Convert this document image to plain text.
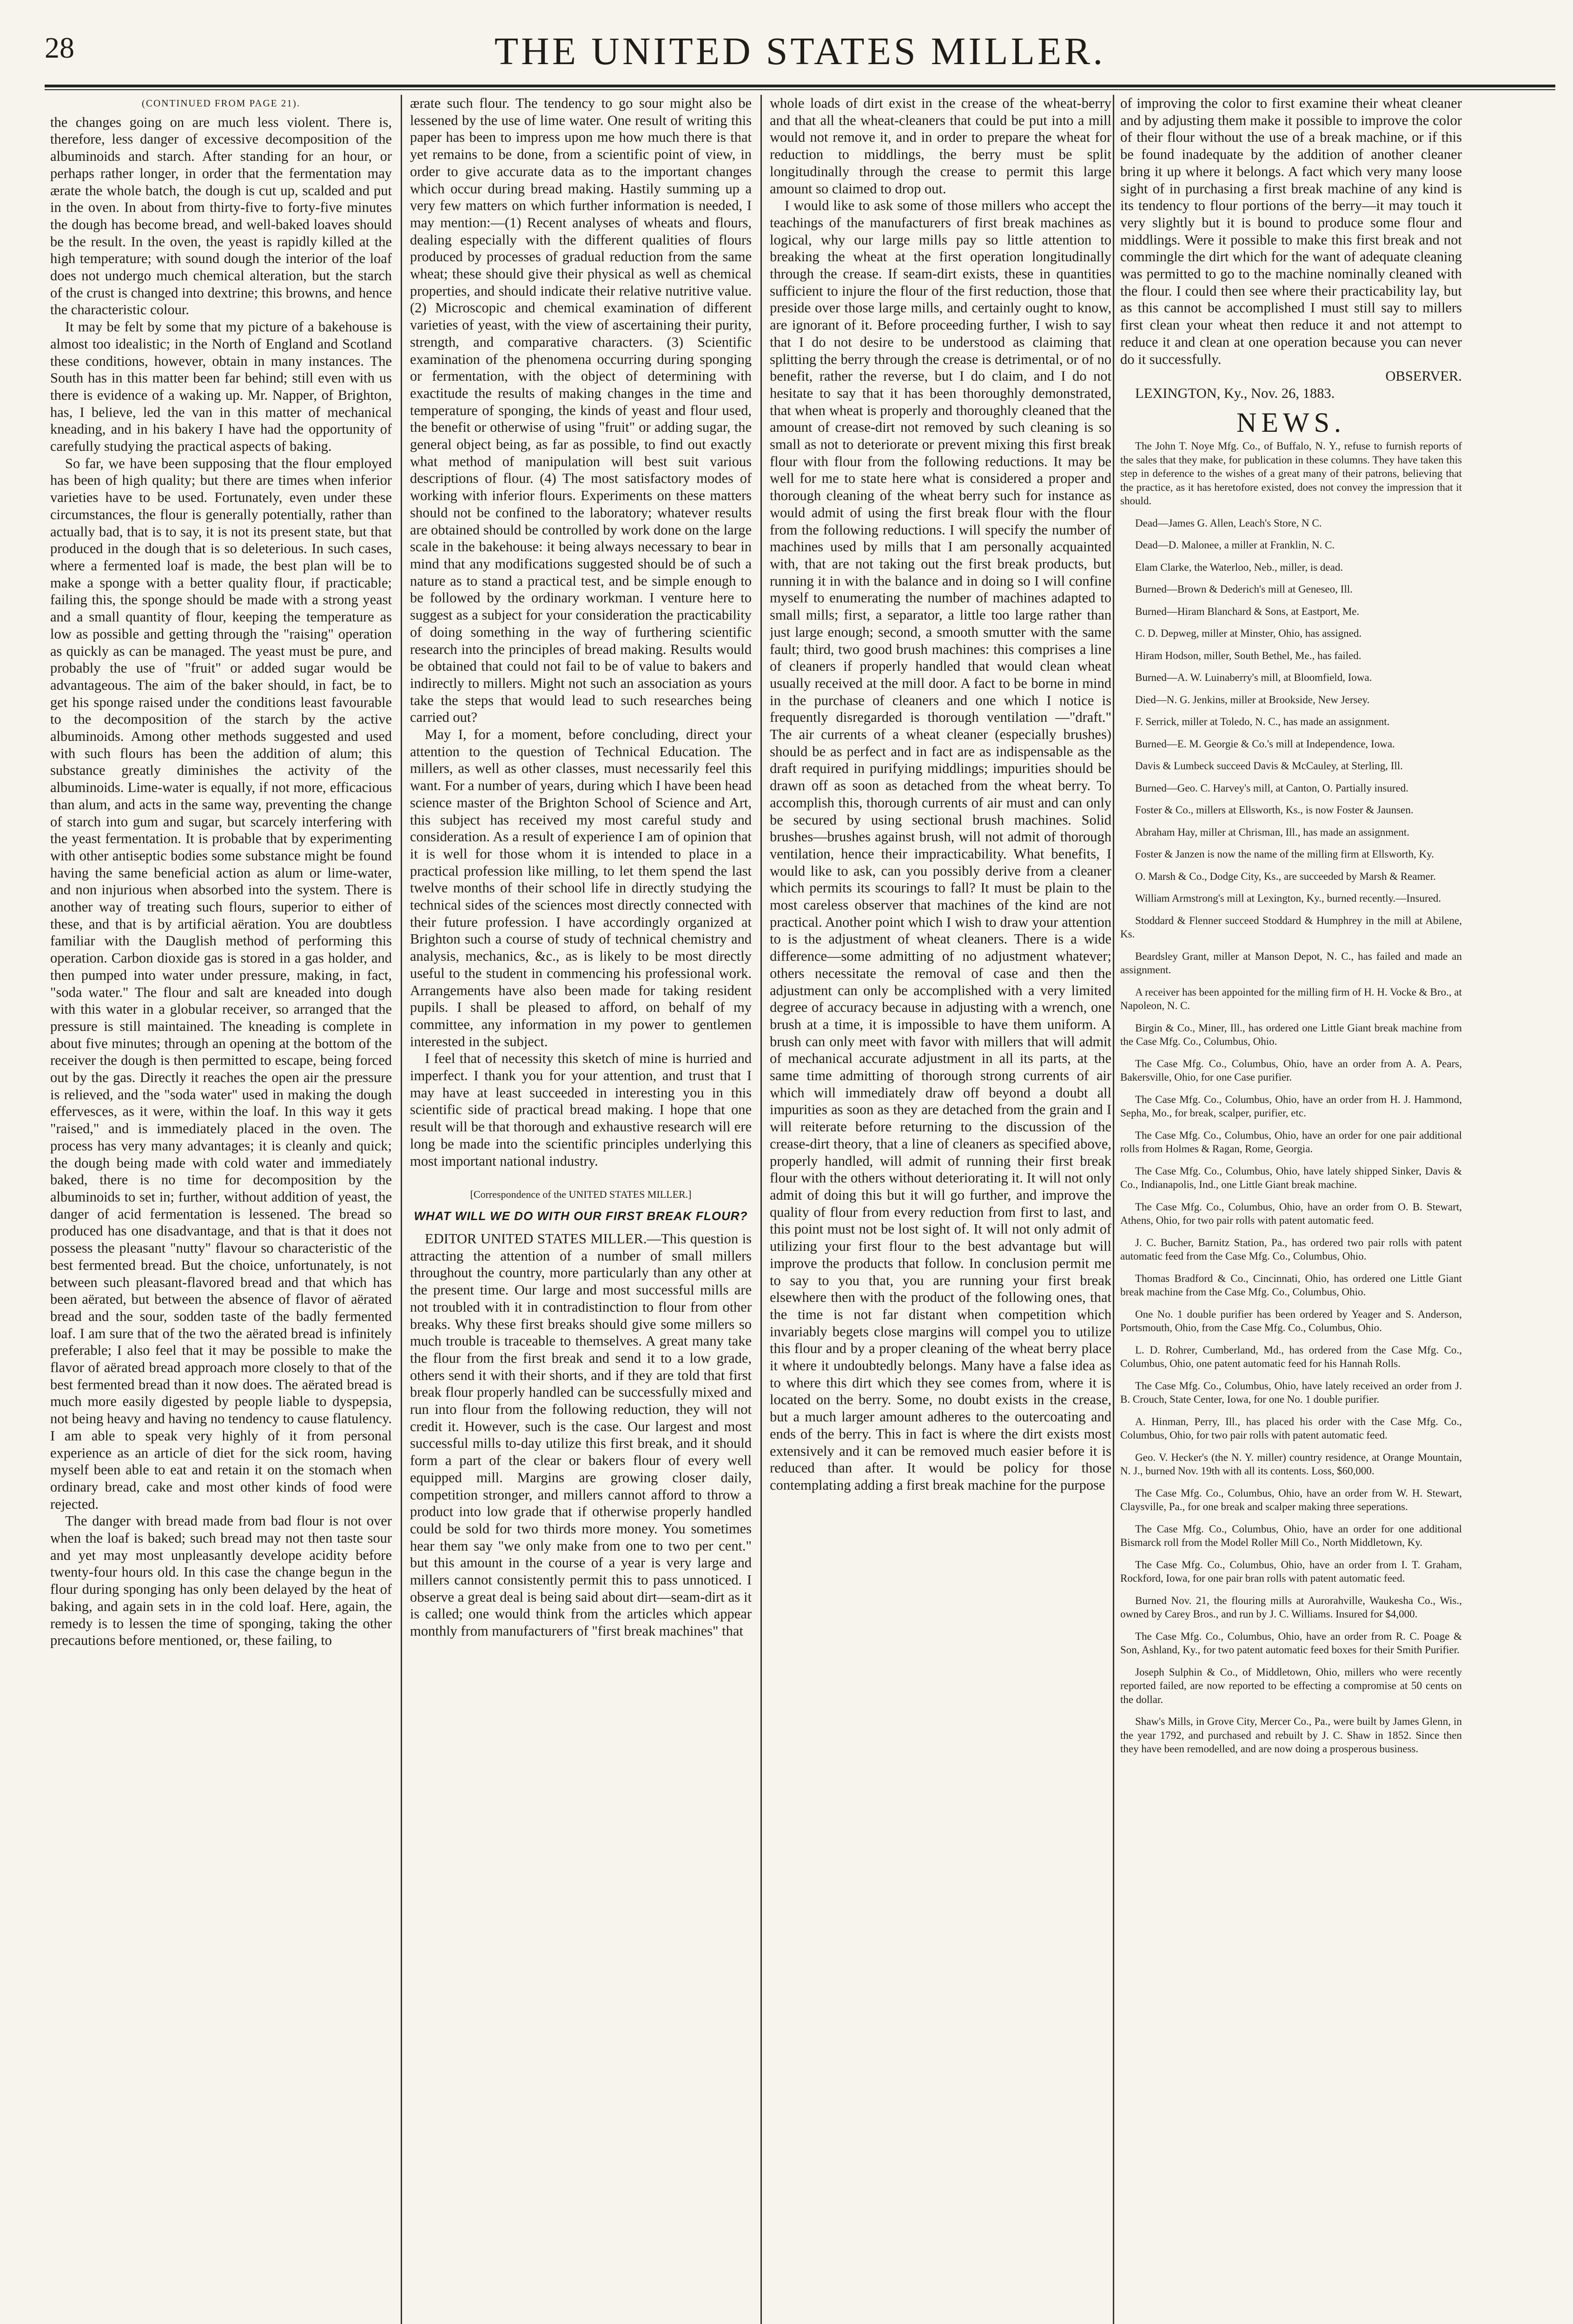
28	THE UNITED STATES MILLER.

(CONTINUED FROM PAGE 21).

the changes going on are much less violent. There is, therefore, less danger of excessive decomposition of the albuminoids and starch. After standing for an hour, or perhaps rather longer, in order that the fermentation may ærate the whole batch, the dough is cut up, scalded and put in the oven. In about from thirty-five to forty-five minutes the dough has become bread, and well-baked loaves should be the result. In the oven, the yeast is rapidly killed at the high temperature; with sound dough the interior of the loaf does not undergo much chemical alteration, but the starch of the crust is changed into dextrine; this browns, and hence the characteristic colour.

It may be felt by some that my picture of a bakehouse is almost too idealistic; in the North of England and Scotland these conditions, however, obtain in many instances. The South has in this matter been far behind; still even with us there is evidence of a waking up. Mr. Napper, of Brighton, has, I believe, led the van in this matter of mechanical kneading, and in his bakery I have had the opportunity of carefully studying the practical aspects of baking.

So far, we have been supposing that the flour employed has been of high quality; but there are times when inferior varieties have to be used. Fortunately, even under these circumstances, the flour is generally potentially, rather than actually bad, that is to say, it is not its present state, but that produced in the dough that is so deleterious. In such cases, where a fermented loaf is made, the best plan will be to make a sponge with a better quality flour, if practicable; failing this, the sponge should be made with a strong yeast and a small quantity of flour, keeping the temperature as low as possible and getting through the "raising" operation as quickly as can be managed. The yeast must be pure, and probably the use of "fruit" or added sugar would be advantageous. The aim of the baker should, in fact, be to get his sponge raised under the conditions least favourable to the decomposition of the starch by the active albuminoids. Among other methods suggested and used with such flours has been the addition of alum; this substance greatly diminishes the activity of the albuminoids. Lime-water is equally, if not more, efficacious than alum, and acts in the same way, preventing the change of starch into gum and sugar, but scarcely interfering with the yeast fermentation. It is probable that by experimenting with other antiseptic bodies some substance might be found having the same beneficial action as alum or lime-water, and non injurious when absorbed into the system. There is another way of treating such flours, superior to either of these, and that is by artificial aëration. You are doubtless familiar with the Dauglish method of performing this operation. Carbon dioxide gas is stored in a gas holder, and then pumped into water under pressure, making, in fact, "soda water." The flour and salt are kneaded into dough with this water in a globular receiver, so arranged that the pressure is still maintained. The kneading is complete in about five minutes; through an opening at the bottom of the receiver the dough is then permitted to escape, being forced out by the gas. Directly it reaches the open air the pressure is relieved, and the "soda water" used in making the dough effervesces, as it were, within the loaf. In this way it gets "raised," and is immediately placed in the oven. The process has very many advantages; it is cleanly and quick; the dough being made with cold water and immediately baked, there is no time for decomposition by the albuminoids to set in; further, without addition of yeast, the danger of acid fermentation is lessened. The bread so produced has one disadvantage, and that is that it does not possess the pleasant "nutty" flavour so characteristic of the best fermented bread. But the choice, unfortunately, is not between such pleasant-flavored bread and that which has been aërated, but between the absence of flavor of aërated bread and the sour, sodden taste of the badly fermented loaf. I am sure that of the two the aërated bread is infinitely preferable; I also feel that it may be possible to make the flavor of aërated bread approach more closely to that of the best fermented bread than it now does. The aërated bread is much more easily digested by people liable to dyspepsia, not being heavy and having no tendency to cause flatulency. I am able to speak very highly of it from personal experience as an article of diet for the sick room, having myself been able to eat and retain it on the stomach when ordinary bread, cake and most other kinds of food were rejected.

The danger with bread made from bad flour is not over when the loaf is baked; such bread may not then taste sour and yet may most unpleasantly develope acidity before twenty-four hours old. In this case the change begun in the flour during sponging has only been delayed by the heat of baking, and again sets in in the cold loaf. Here, again, the remedy is to lessen the time of sponging, taking the other precautions before mentioned, or, these failing, to

ærate such flour. The tendency to go sour might also be lessened by the use of lime water. One result of writing this paper has been to impress upon me how much there is that yet remains to be done, from a scientific point of view, in order to give accurate data as to the important changes which occur during bread making. Hastily summing up a very few matters on which further information is needed, I may mention:—(1) Recent analyses of wheats and flours, dealing especially with the different qualities of flours produced by processes of gradual reduction from the same wheat; these should give their physical as well as chemical properties, and should indicate their relative nutritive value. (2) Microscopic and chemical examination of different varieties of yeast, with the view of ascertaining their purity, strength, and comparative characters. (3) Scientific examination of the phenomena occurring during sponging or fermentation, with the object of determining with exactitude the results of making changes in the time and temperature of sponging, the kinds of yeast and flour used, the benefit or otherwise of using "fruit" or adding sugar, the general object being, as far as possible, to find out exactly what method of manipulation will best suit various descriptions of flour. (4) The most satisfactory modes of working with inferior flours. Experiments on these matters should not be confined to the laboratory; whatever results are obtained should be controlled by work done on the large scale in the bakehouse: it being always necessary to bear in mind that any modifications suggested should be of such a nature as to stand a practical test, and be simple enough to be followed by the ordinary workman. I venture here to suggest as a subject for your consideration the practicability of doing something in the way of furthering scientific research into the principles of bread making. Results would be obtained that could not fail to be of value to bakers and indirectly to millers. Might not such an association as yours take the steps that would lead to such researches being carried out?

May I, for a moment, before concluding, direct your attention to the question of Technical Education. The millers, as well as other classes, must necessarily feel this want. For a number of years, during which I have been head science master of the Brighton School of Science and Art, this subject has received my most careful study and consideration. As a result of experience I am of opinion that it is well for those whom it is intended to place in a practical profession like milling, to let them spend the last twelve months of their school life in directly studying the technical sides of the sciences most directly connected with their future profession. I have accordingly organized at Brighton such a course of study of technical chemistry and analysis, mechanics, &c., as is likely to be most directly useful to the student in commencing his professional work. Arrangements have also been made for taking resident pupils. I shall be pleased to afford, on behalf of my committee, any information in my power to gentlemen interested in the subject.

I feel that of necessity this sketch of mine is hurried and imperfect. I thank you for your attention, and trust that I may have at least succeeded in interesting you in this scientific side of practical bread making. I hope that one result will be that thorough and exhaustive research will ere long be made into the scientific principles underlying this most important national industry.

[Correspondence of the UNITED STATES MILLER.]

WHAT WILL WE DO WITH OUR FIRST BREAK FLOUR?

EDITOR UNITED STATES MILLER.—This question is attracting the attention of a number of small millers throughout the country, more particularly than any other at the present time. Our large and most successful mills are not troubled with it in contradistinction to flour from other breaks. Why these first breaks should give some millers so much trouble is traceable to themselves. A great many take the flour from the first break and send it to a low grade, others send it with their shorts, and if they are told that first break flour properly handled can be successfully mixed and run into flour from the following reduction, they will not credit it. However, such is the case. Our largest and most successful mills to-day utilize this first break, and it should form a part of the clear or bakers flour of every well equipped mill. Margins are growing closer daily, competition stronger, and millers cannot afford to throw a product into low grade that if otherwise properly handled could be sold for two thirds more money. You sometimes hear them say "we only make from one to two per cent." but this amount in the course of a year is very large and millers cannot consistently permit this to pass unnoticed. I observe a great deal is being said about dirt—seam-dirt as it is called; one would think from the articles which appear monthly from manufacturers of "first break machines" that

whole loads of dirt exist in the crease of the wheat-berry and that all the wheat-cleaners that could be put into a mill would not remove it, and in order to prepare the wheat for reduction to middlings, the berry must be split longitudinally through the crease to permit this large amount so claimed to drop out.

I would like to ask some of those millers who accept the teachings of the manufacturers of first break machines as logical, why our large mills pay so little attention to breaking the wheat at the first operation longitudinally through the crease. If seam-dirt exists, these in quantities sufficient to injure the flour of the first reduction, those that preside over those large mills, and certainly ought to know, are ignorant of it. Before proceeding further, I wish to say that I do not desire to be understood as claiming that splitting the berry through the crease is detrimental, or of no benefit, rather the reverse, but I do claim, and I do not hesitate to say that it has been thoroughly demonstrated, that when wheat is properly and thoroughly cleaned that the amount of crease-dirt not removed by such cleaning is so small as not to deteriorate or prevent mixing this first break flour with flour from the following reductions. It may be well for me to state here what is considered a proper and thorough cleaning of the wheat berry such for instance as would admit of using the first break flour with the flour from the following reductions. I will specify the number of machines used by mills that I am personally acquainted with, that are not taking out the first break products, but running it in with the balance and in doing so I will confine myself to enumerating the number of machines adapted to small mills; first, a separator, a little too large rather than just large enough; second, a smooth smutter with the same fault; third, two good brush machines: this comprises a line of cleaners if properly handled that would clean wheat usually received at the mill door. A fact to be borne in mind in the purchase of cleaners and one which I notice is frequently disregarded is thorough ventilation —"draft." The air currents of a wheat cleaner (especially brushes) should be as perfect and in fact are as indispensable as the draft required in purifying middlings; impurities should be drawn off as soon as detached from the wheat berry. To accomplish this, thorough currents of air must and can only be secured by using sectional brush machines. Solid brushes—brushes against brush, will not admit of thorough ventilation, hence their impracticability. What benefits, I would like to ask, can you possibly derive from a cleaner which permits its scourings to fall? It must be plain to the most careless observer that machines of the kind are not practical. Another point which I wish to draw your attention to is the adjustment of wheat cleaners. There is a wide difference—some admitting of no adjustment whatever; others necessitate the removal of case and then the adjustment can only be accomplished with a very limited degree of accuracy because in adjusting with a wrench, one brush at a time, it is impossible to have them uniform. A brush can only meet with favor with millers that will admit of mechanical accurate adjustment in all its parts, at the same time admitting of thorough strong currents of air which will immediately draw off beyond a doubt all impurities as soon as they are detached from the grain and I will reiterate before returning to the discussion of the crease-dirt theory, that a line of cleaners as specified above, properly handled, will admit of running their first break flour with the others without deteriorating it. It will not only admit of doing this but it will go further, and improve the quality of flour from every reduction from first to last, and this point must not be lost sight of. It will not only admit of utilizing your first flour to the best advantage but will improve the products that follow. In conclusion permit me to say to you that, you are running your first break elsewhere then with the product of the following ones, that the time is not far distant when competition which invariably begets close margins will compel you to utilize this flour and by a proper cleaning of the wheat berry place it where it undoubtedly belongs. Many have a false idea as to where this dirt which they see comes from, where it is located on the berry. Some, no doubt exists in the crease, but a much larger amount adheres to the outercoating and ends of the berry. This in fact is where the dirt exists most extensively and it can be removed much easier before it is reduced than after. It would be policy for those contemplating adding a first break machine for the purpose

of improving the color to first examine their wheat cleaner and by adjusting them make it possible to improve the color of their flour without the use of a break machine, or if this be found inadequate by the addition of another cleaner bring it up where it belongs. A fact which very many loose sight of in purchasing a first break machine of any kind is its tendency to flour portions of the berry—it may touch it very slightly but it is bound to produce some flour and middlings. Were it possible to make this first break and not commingle the dirt which for the want of adequate cleaning was permitted to go to the machine nominally cleaned with the flour. I could then see where their practicability lay, but as this cannot be accomplished I must still say to millers first clean your wheat then reduce it and not attempt to reduce it and clean at one operation because you can never do it successfully.

OBSERVER.

LEXINGTON, Ky., Nov. 26, 1883.

NEWS.

The John T. Noye Mfg. Co., of Buffalo, N. Y., refuse to furnish reports of the sales that they make, for publication in these columns. They have taken this step in deference to the wishes of a great many of their patrons, believing that the practice, as it has heretofore existed, does not convey the impression that it should.

Dead—James G. Allen, Leach's Store, N C.

Dead—D. Malonee, a miller at Franklin, N. C.

Elam Clarke, the Waterloo, Neb., miller, is dead.

Burned—Brown & Dederich's mill at Geneseo, Ill.

Burned—Hiram Blanchard & Sons, at Eastport, Me.

C. D. Depweg, miller at Minster, Ohio, has assigned.

Hiram Hodson, miller, South Bethel, Me., has failed.

Burned—A. W. Luinaberry's mill, at Bloomfield, Iowa.

Died—N. G. Jenkins, miller at Brookside, New Jersey.

F. Serrick, miller at Toledo, N. C., has made an assignment.

Burned—E. M. Georgie & Co.'s mill at Independence, Iowa.

Davis & Lumbeck succeed Davis & McCauley, at Sterling, Ill.

Burned—Geo. C. Harvey's mill, at Canton, O. Partially insured.

Foster & Co., millers at Ellsworth, Ks., is now Foster & Jaunsen.

Abraham Hay, miller at Chrisman, Ill., has made an assignment.

Foster & Janzen is now the name of the milling firm at Ellsworth, Ky.

O. Marsh & Co., Dodge City, Ks., are succeeded by Marsh & Reamer.

William Armstrong's mill at Lexington, Ky., burned recently.—Insured.

Stoddard & Flenner succeed Stoddard & Humphrey in the mill at Abilene, Ks.

Beardsley Grant, miller at Manson Depot, N. C., has failed and made an assignment.

A receiver has been appointed for the milling firm of H. H. Vocke & Bro., at Napoleon, N. C.

Birgin & Co., Miner, Ill., has ordered one Little Giant break machine from the Case Mfg. Co., Columbus, Ohio.

The Case Mfg. Co., Columbus, Ohio, have an order from A. A. Pears, Bakersville, Ohio, for one Case purifier.

The Case Mfg. Co., Columbus, Ohio, have an order from H. J. Hammond, Sepha, Mo., for break, scalper, purifier, etc.

The Case Mfg. Co., Columbus, Ohio, have an order for one pair additional rolls from Holmes & Ragan, Rome, Georgia.

The Case Mfg. Co., Columbus, Ohio, have lately shipped Sinker, Davis & Co., Indianapolis, Ind., one Little Giant break machine.

The Case Mfg. Co., Columbus, Ohio, have an order from O. B. Stewart, Athens, Ohio, for two pair rolls with patent automatic feed.

J. C. Bucher, Barnitz Station, Pa., has ordered two pair rolls with patent automatic feed from the Case Mfg. Co., Columbus, Ohio.

Thomas Bradford & Co., Cincinnati, Ohio, has ordered one Little Giant break machine from the Case Mfg. Co., Columbus, Ohio.

One No. 1 double purifier has been ordered by Yeager and S. Anderson, Portsmouth, Ohio, from the Case Mfg. Co., Columbus, Ohio.

L. D. Rohrer, Cumberland, Md., has ordered from the Case Mfg. Co., Columbus, Ohio, one patent automatic feed for his Hannah Rolls.

The Case Mfg. Co., Columbus, Ohio, have lately received an order from J. B. Crouch, State Center, Iowa, for one No. 1 double purifier.

A. Hinman, Perry, Ill., has placed his order with the Case Mfg. Co., Columbus, Ohio, for two pair rolls with patent automatic feed.

Geo. V. Hecker's (the N. Y. miller) country residence, at Orange Mountain, N. J., burned Nov. 19th with all its contents. Loss, $60,000.

The Case Mfg. Co., Columbus, Ohio, have an order from W. H. Stewart, Claysville, Pa., for one break and scalper making three seperations.

The Case Mfg. Co., Columbus, Ohio, have an order for one additional Bismarck roll from the Model Roller Mill Co., North Middletown, Ky.

The Case Mfg. Co., Columbus, Ohio, have an order from I. T. Graham, Rockford, Iowa, for one pair bran rolls with patent automatic feed.

Burned Nov. 21, the flouring mills at Aurorahville, Waukesha Co., Wis., owned by Carey Bros., and run by J. C. Williams. Insured for $4,000.

The Case Mfg. Co., Columbus, Ohio, have an order from R. C. Poage & Son, Ashland, Ky., for two patent automatic feed boxes for their Smith Purifier.

Joseph Sulphin & Co., of Middletown, Ohio, millers who were recently reported failed, are now reported to be effecting a compromise at 50 cents on the dollar.

Shaw's Mills, in Grove City, Mercer Co., Pa., were built by James Glenn, in the year 1792, and purchased and rebuilt by J. C. Shaw in 1852. Since then they have been remodelled, and are now doing a prosperous business.
